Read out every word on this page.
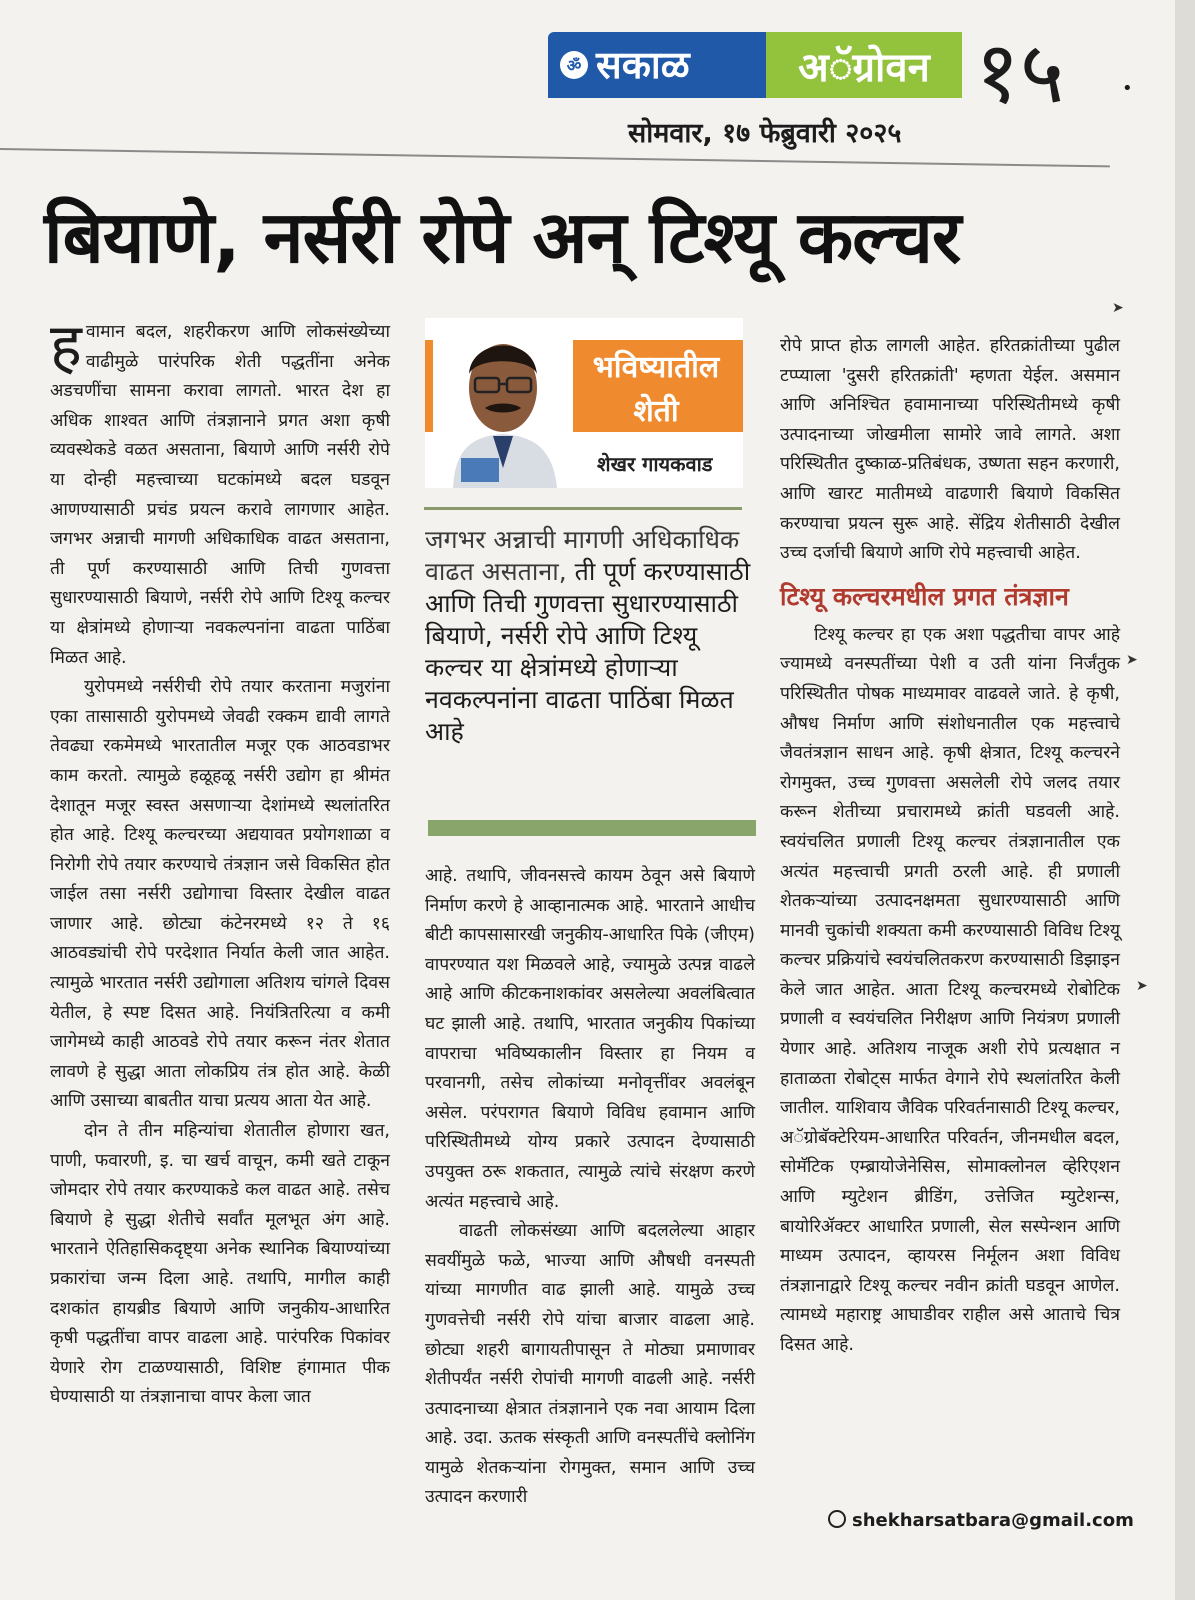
ॐ सकाळ	अॅग्रोवन १५	•
सोमवार, १७ फेब्रुवारी २०२५
बियाणे, नर्सरी रोपे अन् टिश्यू कल्चर

हवामान बदल, शहरीकरण आणि लोकसंख्येच्या वाढीमुळे पारंपरिक शेती पद्धतींना अनेक अडचणींचा सामना करावा लागतो. भारत देश हा अधिक शाश्वत आणि तंत्रज्ञानाने प्रगत अशा कृषी व्यवस्थेकडे वळत असताना, बियाणे आणि नर्सरी रोपे या दोन्ही महत्त्वाच्या घटकांमध्ये बदल घडवून आणण्यासाठी प्रचंड प्रयत्न करावे लागणार आहेत. जगभर अन्नाची मागणी अधिकाधिक वाढत असताना, ती पूर्ण करण्यासाठी आणि तिची गुणवत्ता सुधारण्यासाठी बियाणे, नर्सरी रोपे आणि टिश्यू कल्चर या क्षेत्रांमध्ये होणाऱ्या नवकल्पनांना वाढता पाठिंबा मिळत आहे.

युरोपमध्ये नर्सरीची रोपे तयार करताना मजुरांना एका तासासाठी युरोपमध्ये जेवढी रक्कम द्यावी लागते तेवढ्या रकमेमध्ये भारतातील मजूर एक आठवडाभर काम करतो. त्यामुळे हळूहळू नर्सरी उद्योग हा श्रीमंत देशातून मजूर स्वस्त असणाऱ्या देशांमध्ये स्थलांतरित होत आहे. टिश्यू कल्चरच्या अद्ययावत प्रयोगशाळा व निरोगी रोपे तयार करण्याचे तंत्रज्ञान जसे विकसित होत जाईल तसा नर्सरी उद्योगाचा विस्तार देखील वाढत जाणार आहे. छोट्या कंटेनरमध्ये १२ ते १६ आठवड्यांची रोपे परदेशात निर्यात केली जात आहेत. त्यामुळे भारतात नर्सरी उद्योगाला अतिशय चांगले दिवस येतील, हे स्पष्ट दिसत आहे. नियंत्रितरित्या व कमी जागेमध्ये काही आठवडे रोपे तयार करून नंतर शेतात लावणे हे सुद्धा आता लोकप्रिय तंत्र होत आहे. केळी आणि उसाच्या बाबतीत याचा प्रत्यय आता येत आहे.

दोन ते तीन महिन्यांचा शेतातील होणारा खत, पाणी, फवारणी, इ. चा खर्च वाचून, कमी खते टाकून जोमदार रोपे तयार करण्याकडे कल वाढत आहे. तसेच बियाणे हे सुद्धा शेतीचे सर्वांत मूलभूत अंग आहे. भारताने ऐतिहासिकदृष्ट्या अनेक स्थानिक बियाण्यांच्या प्रकारांचा जन्म दिला आहे. तथापि, मागील काही दशकांत हायब्रीड बियाणे आणि जनुकीय-आधारित कृषी पद्धतींचा वापर वाढला आहे. पारंपरिक पिकांवर येणारे रोग टाळण्यासाठी, विशिष्ट हंगामात पीक घेण्यासाठी या तंत्रज्ञानाचा वापर केला जात

भविष्यातील
शेती
शेखर गायकवाड
जगभर अन्नाची मागणी अधिकाधिक वाढत असताना, ती पूर्ण करण्यासाठी आणि तिची गुणवत्ता सुधारण्यासाठी बियाणे, नर्सरी रोपे आणि टिश्यू कल्चर या क्षेत्रांमध्ये होणाऱ्या नवकल्पनांना वाढता पाठिंबा मिळत आहे

आहे. तथापि, जीवनसत्त्वे कायम ठेवून असे बियाणे निर्माण करणे हे आव्हानात्मक आहे. भारताने आधीच बीटी कापसासारखी जनुकीय-आधारित पिके (जीएम) वापरण्यात यश मिळवले आहे, ज्यामुळे उत्पन्न वाढले आहे आणि कीटकनाशकांवर असलेल्या अवलंबित्वात घट झाली आहे. तथापि, भारतात जनुकीय पिकांच्या वापराचा भविष्यकालीन विस्तार हा नियम व परवानगी, तसेच लोकांच्या मनोवृत्तींवर अवलंबून असेल. परंपरागत बियाणे विविध हवामान आणि परिस्थितीमध्ये योग्य प्रकारे उत्पादन देण्यासाठी उपयुक्त ठरू शकतात, त्यामुळे त्यांचे संरक्षण करणे अत्यंत महत्त्वाचे आहे.

वाढती लोकसंख्या आणि बदललेल्या आहार सवयींमुळे फळे, भाज्या आणि औषधी वनस्पती यांच्या मागणीत वाढ झाली आहे. यामुळे उच्च गुणवत्तेची नर्सरी रोपे यांचा बाजार वाढला आहे. छोट्या शहरी बागायतीपासून ते मोठ्या प्रमाणावर शेतीपर्यंत नर्सरी रोपांची मागणी वाढली आहे. नर्सरी उत्पादनाच्या क्षेत्रात तंत्रज्ञानाने एक नवा आयाम दिला आहे. उदा. ऊतक संस्कृती आणि वनस्पतींचे क्लोनिंग यामुळे शेतकऱ्यांना रोगमुक्त, समान आणि उच्च उत्पादन करणारी

रोपे प्राप्त होऊ लागली आहेत. हरितक्रांतीच्या पुढील टप्प्याला 'दुसरी हरितक्रांती' म्हणता येईल. असमान आणि अनिश्चित हवामानाच्या परिस्थितीमध्ये कृषी उत्पादनाच्या जोखमीला सामोरे जावे लागते. अशा परिस्थितीत दुष्काळ-प्रतिबंधक, उष्णता सहन करणारी, आणि खारट मातीमध्ये वाढणारी बियाणे विकसित करण्याचा प्रयत्न सुरू आहे. सेंद्रिय शेतीसाठी देखील उच्च दर्जाची बियाणे आणि रोपे महत्त्वाची आहेत.

टिश्यू कल्चरमधील प्रगत तंत्रज्ञान

टिश्यू कल्चर हा एक अशा पद्धतीचा वापर आहे ज्यामध्ये वनस्पतींच्या पेशी व उती यांना निर्जंतुक परिस्थितीत पोषक माध्यमावर वाढवले जाते. हे कृषी, औषध निर्माण आणि संशोधनातील एक महत्त्वाचे जैवतंत्रज्ञान साधन आहे. कृषी क्षेत्रात, टिश्यू कल्चरने रोगमुक्त, उच्च गुणवत्ता असलेली रोपे जलद तयार करून शेतीच्या प्रचारामध्ये क्रांती घडवली आहे. स्वयंचलित प्रणाली टिश्यू कल्चर तंत्रज्ञानातील एक अत्यंत महत्त्वाची प्रगती ठरली आहे. ही प्रणाली शेतकऱ्यांच्या उत्पादनक्षमता सुधारण्यासाठी आणि मानवी चुकांची शक्यता कमी करण्यासाठी विविध टिश्यू कल्चर प्रक्रियांचे स्वयंचलितकरण करण्यासाठी डिझाइन केले जात आहेत. आता टिश्यू कल्चरमध्ये रोबोटिक प्रणाली व स्वयंचलित निरीक्षण आणि नियंत्रण प्रणाली येणार आहे. अतिशय नाजूक अशी रोपे प्रत्यक्षात न हाताळता रोबोट्स मार्फत वेगाने रोपे स्थलांतरित केली जातील. याशिवाय जैविक परिवर्तनासाठी टिश्यू कल्चर, अॅग्रोबॅक्टेरियम-आधारित परिवर्तन, जीनमधील बदल, सोमॅटिक एम्ब्रायोजेनेसिस, सोमाक्लोनल व्हेरिएशन आणि म्युटेशन ब्रीडिंग, उत्तेजित म्युटेशन्स, बायोरिॲक्टर आधारित प्रणाली, सेल सस्पेन्शन आणि माध्यम उत्पादन, व्हायरस निर्मूलन अशा विविध तंत्रज्ञानाद्वारे टिश्यू कल्चर नवीन क्रांती घडवून आणेल. त्यामध्ये महाराष्ट्र आघाडीवर राहील असे आताचे चित्र दिसत आहे.

shekharsatbara@gmail.com
➤
➤
➤
